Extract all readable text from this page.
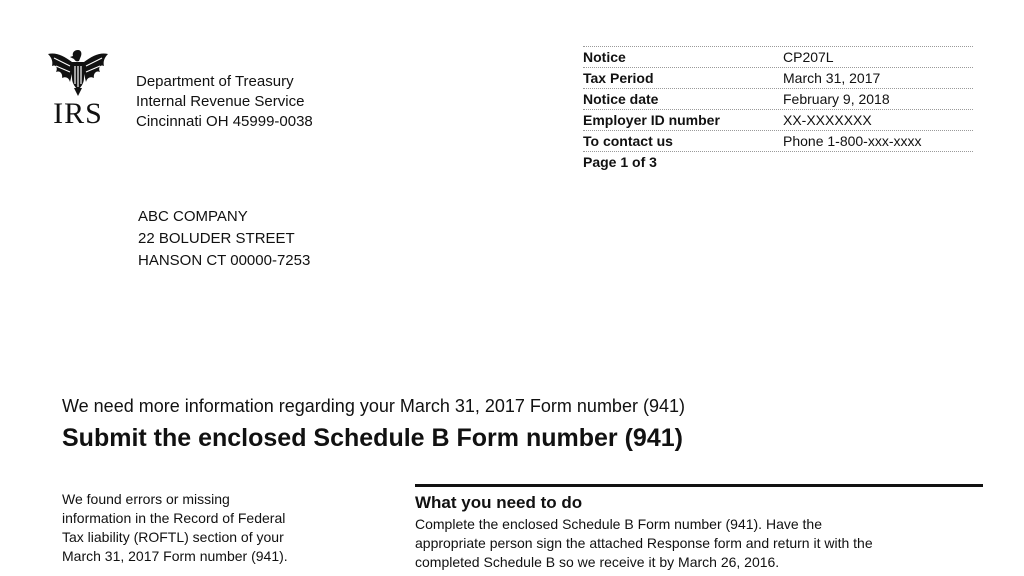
IRS
Department of Treasury
Internal Revenue Service
Cincinnati OH 45999-0038
Notice	CP207L
Tax Period	March 31, 2017
Notice date	February 9, 2018
Employer ID number	XX-XXXXXXX
To contact us	Phone 1-800-xxx-xxxx
Page 1 of 3
ABC COMPANY
22 BOLUDER STREET
HANSON CT 00000-7253
We need more information regarding your March 31, 2017 Form number (941)
Submit the enclosed Schedule B Form number (941)
We found errors or missing
information in the Record of Federal
Tax liability (ROFTL) section of your
March 31, 2017 Form number (941).
What you need to do
Complete the enclosed Schedule B Form number (941). Have the
appropriate person sign the attached Response form and return it with the
completed Schedule B so we receive it by March 26, 2016.
